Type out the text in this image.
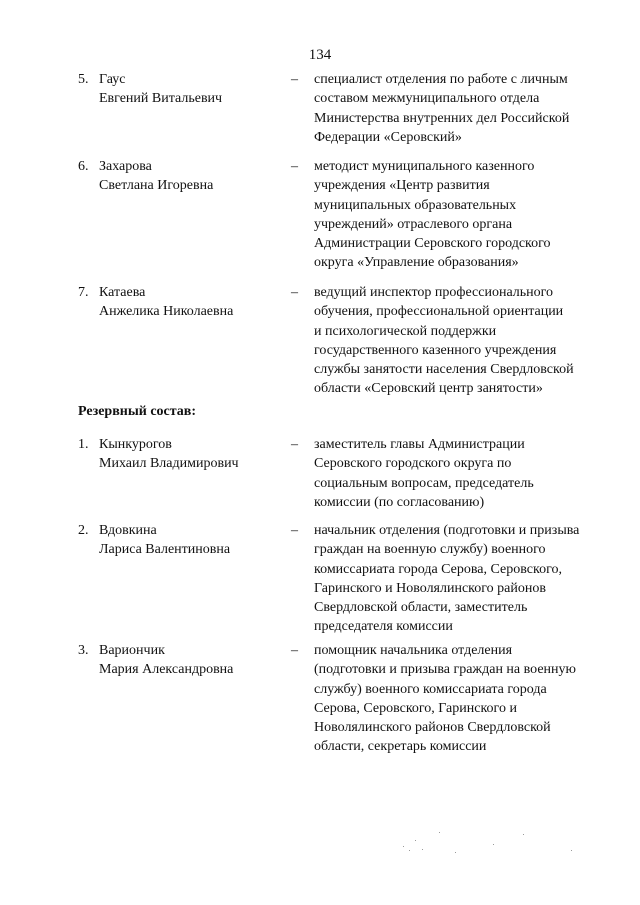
134
5. Гаус
Евгений Витальевич
– специалист отделения по работе с личным
составом межмуниципального отдела
Министерства внутренних дел Российской
Федерации «Серовский»
6. Захарова
Светлана Игоревна
– методист муниципального казенного
учреждения «Центр развития
муниципальных образовательных
учреждений» отраслевого органа
Администрации Серовского городского
округа «Управление образования»
7. Катаева
Анжелика Николаевна
– ведущий инспектор профессионального
обучения, профессиональной ориентации
и психологической поддержки
государственного казенного учреждения
службы занятости населения Свердловской
области «Серовский центр занятости»
Резервный состав:
1. Кынкурогов
Михаил Владимирович
– заместитель главы Администрации
Серовского городского округа по
социальным вопросам, председатель
комиссии (по согласованию)
2. Вдовкина
Лариса Валентиновна
– начальник отделения (подготовки и призыва
граждан на военную службу) военного
комиссариата города Серова, Серовского,
Гаринского и Новолялинского районов
Свердловской области, заместитель
председателя комиссии
3. Вариончик
Мария Александровна
– помощник начальника отделения
(подготовки и призыва граждан на военную
службу) военного комиссариата города
Серова, Серовского, Гаринского и
Новолялинского районов Свердловской
области, секретарь комиссии
